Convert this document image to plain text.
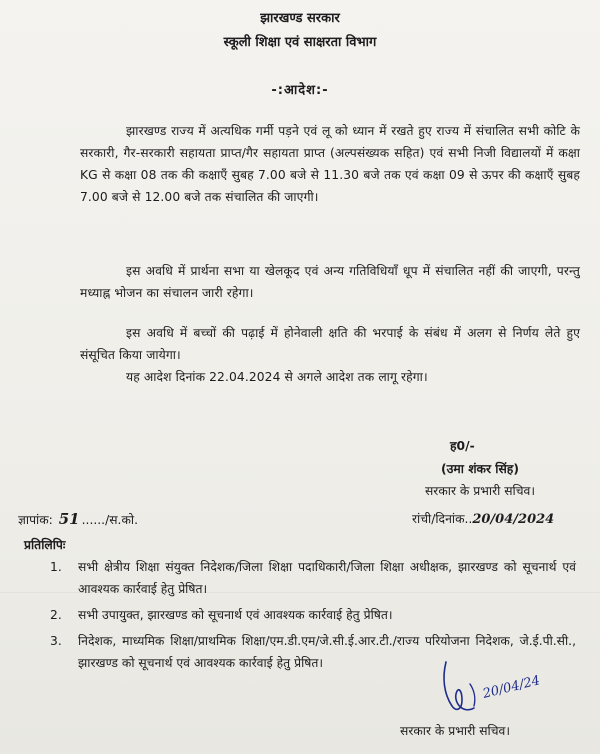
झारखण्ड सरकार
स्कूली शिक्षा एवं साक्षरता विभाग
-:आदेश:-
झारखण्ड राज्य में अत्यधिक गर्मी पड़ने एवं लू को ध्यान में रखते हुए राज्य में संचालित सभी कोटि के सरकारी, गैर-सरकारी सहायता प्राप्त/गैर सहायता प्राप्त (अल्पसंख्यक सहित) एवं सभी निजी विद्यालयों में कक्षा KG से कक्षा 08 तक की कक्षाएँ सुबह 7.00 बजे से 11.30 बजे तक एवं कक्षा 09 से ऊपर की कक्षाएँ सुबह 7.00 बजे से 12.00 बजे तक संचालित की जाएगी।
इस अवधि में प्रार्थना सभा या खेलकूद एवं अन्य गतिविधियाँ धूप में संचालित नहीं की जाएगी, परन्तु मध्याह्न भोजन का संचालन जारी रहेगा।
इस अवधि में बच्चों की पढ़ाई में होनेवाली क्षति की भरपाई के संबंध में अलग से निर्णय लेते हुए संसूचित किया जायेगा।
यह आदेश दिनांक 22.04.2024 से अगले आदेश तक लागू रहेगा।
ह0/-
(उमा शंकर सिंह)
सरकार के प्रभारी सचिव।
ज्ञापांक: 51 ....../स.को.	रांची/दिनांक..20/04/2024
प्रतिलिपिः
1. सभी क्षेत्रीय शिक्षा संयुक्त निदेशक/जिला शिक्षा पदाधिकारी/जिला शिक्षा अधीक्षक, झारखण्ड को सूचनार्थ एवं आवश्यक कार्रवाई हेतु प्रेषित।
2. सभी उपायुक्त, झारखण्ड को सूचनार्थ एवं आवश्यक कार्रवाई हेतु प्रेषित।
3. निदेशक, माध्यमिक शिक्षा/प्राथमिक शिक्षा/एम.डी.एम/जे.सी.ई.आर.टी./राज्य परियोजना निदेशक, जे.ई.पी.सी., झारखण्ड को सूचनार्थ एवं आवश्यक कार्रवाई हेतु प्रेषित।
20/04/24
सरकार के प्रभारी सचिव।
